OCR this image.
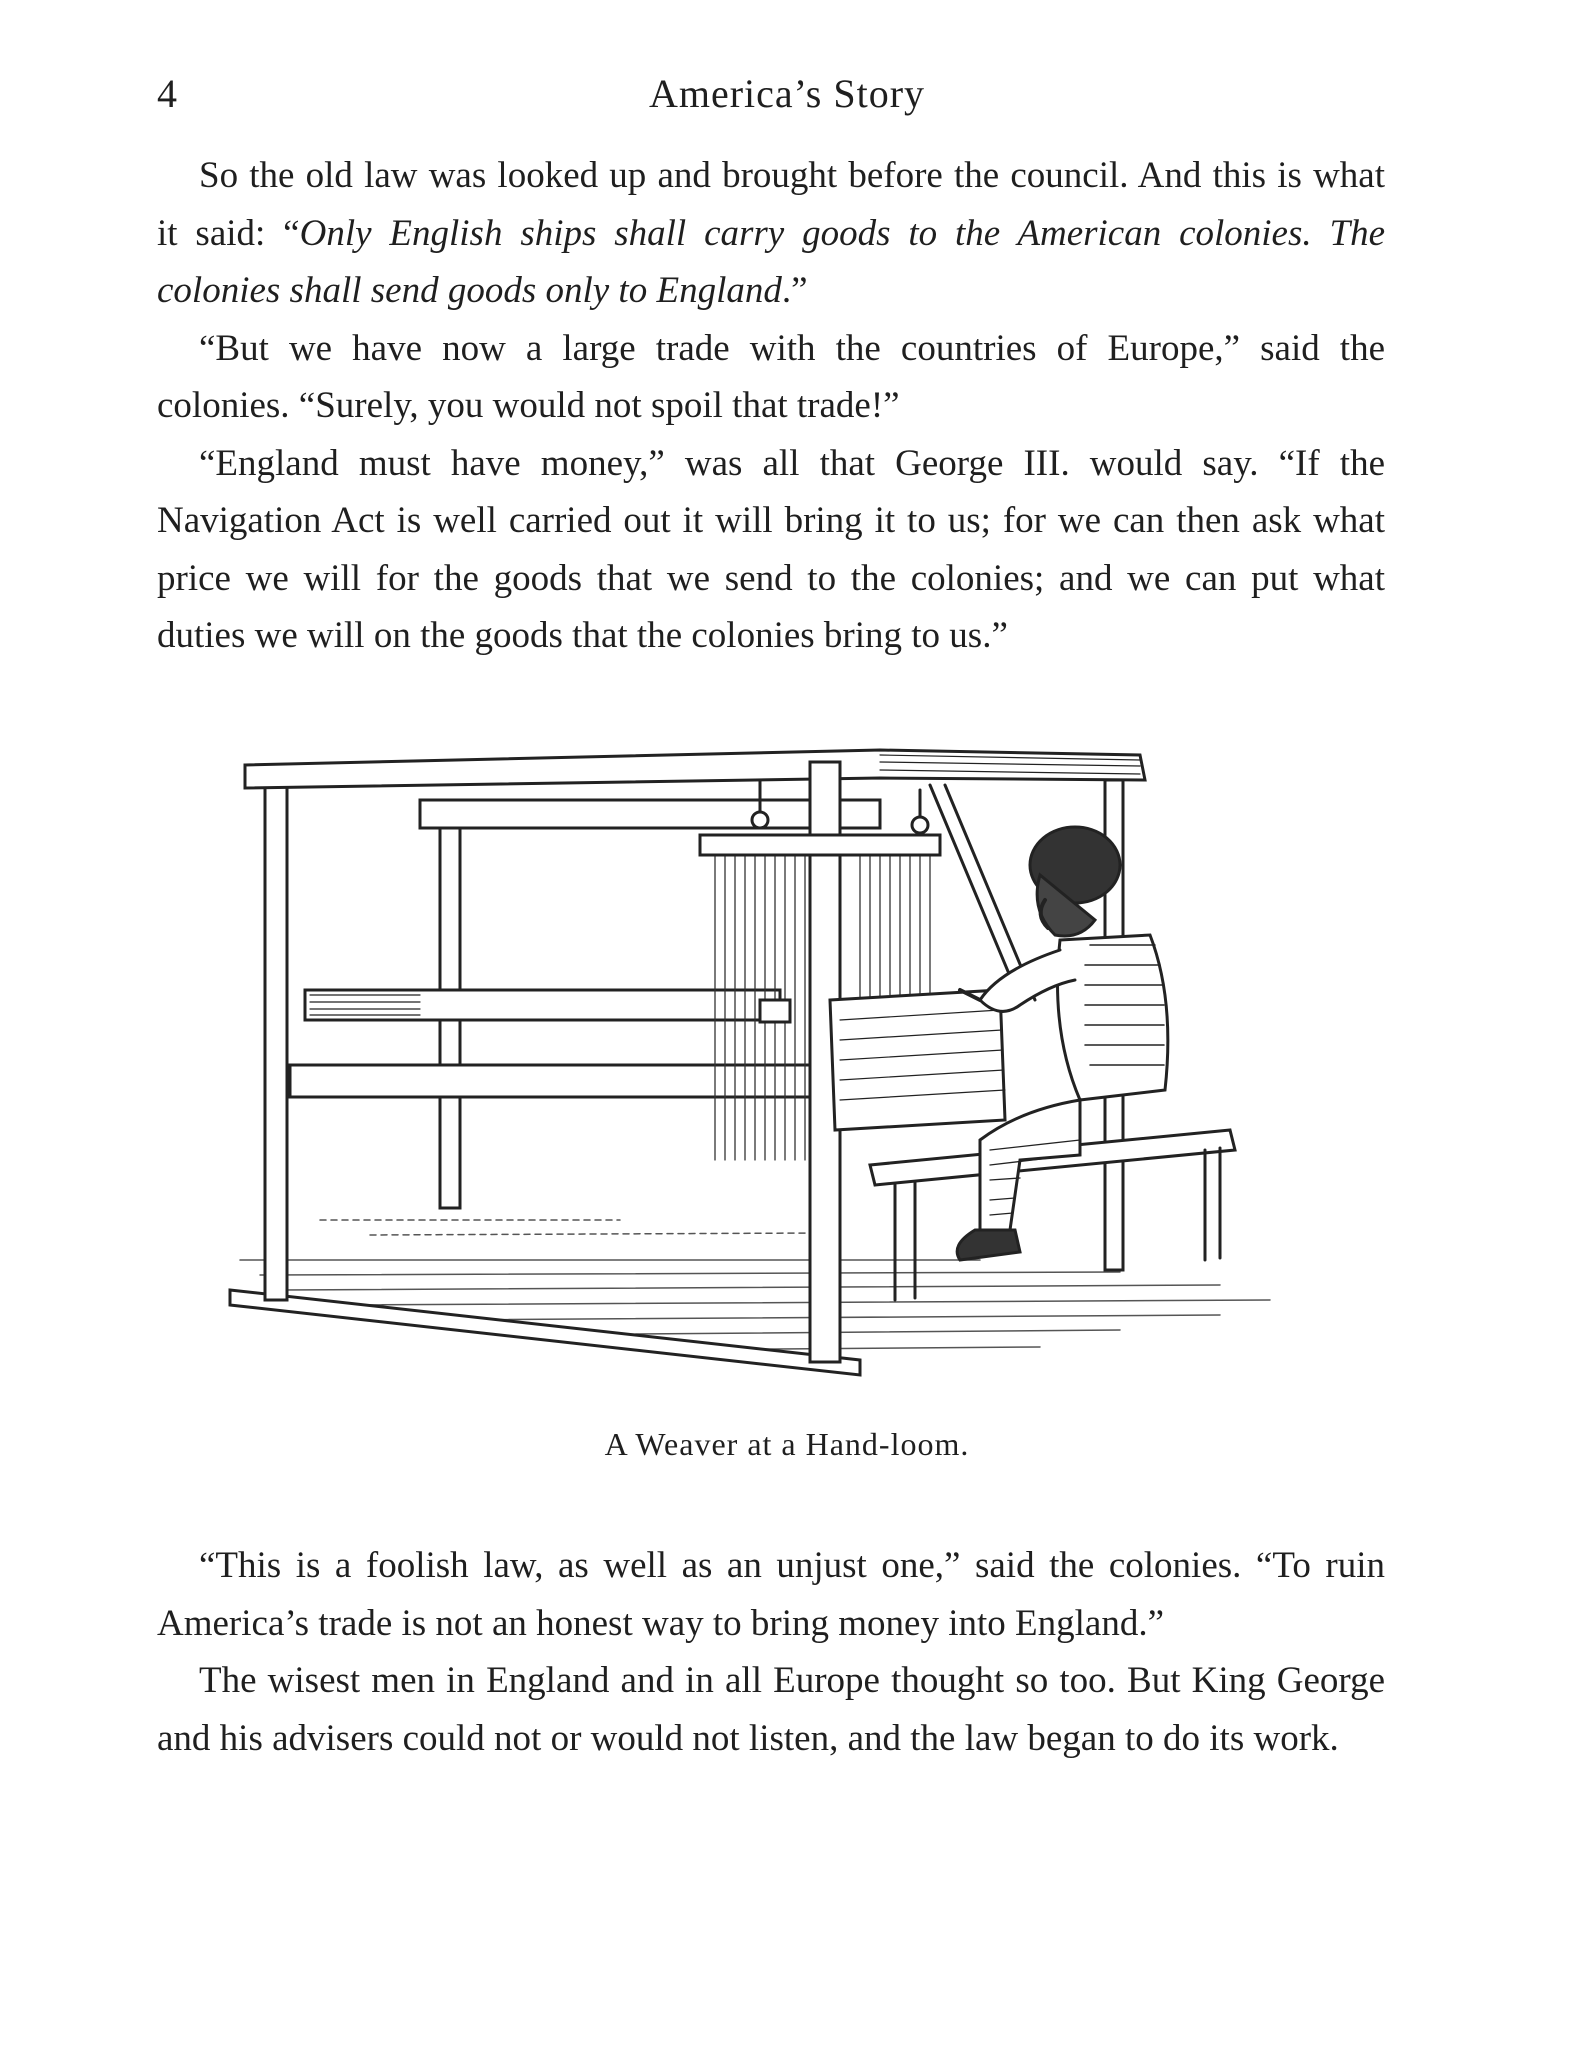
4	America’s Story

So the old law was looked up and brought before the council. And this is what it said: “Only English ships shall carry goods to the American colonies. The colonies shall send goods only to England.”

“But we have now a large trade with the countries of Europe,” said the colonies. “Surely, you would not spoil that trade!”

“England must have money,” was all that George III. would say. “If the Navigation Act is well carried out it will bring it to us; for we can then ask what price we will for the goods that we send to the colonies; and we can put what duties we will on the goods that the colonies bring to us.”

A Weaver at a Hand-loom.

“This is a foolish law, as well as an unjust one,” said the colonies. “To ruin America’s trade is not an honest way to bring money into England.”

The wisest men in England and in all Europe thought so too. But King George and his advisers could not or would not listen, and the law began to do its work.
